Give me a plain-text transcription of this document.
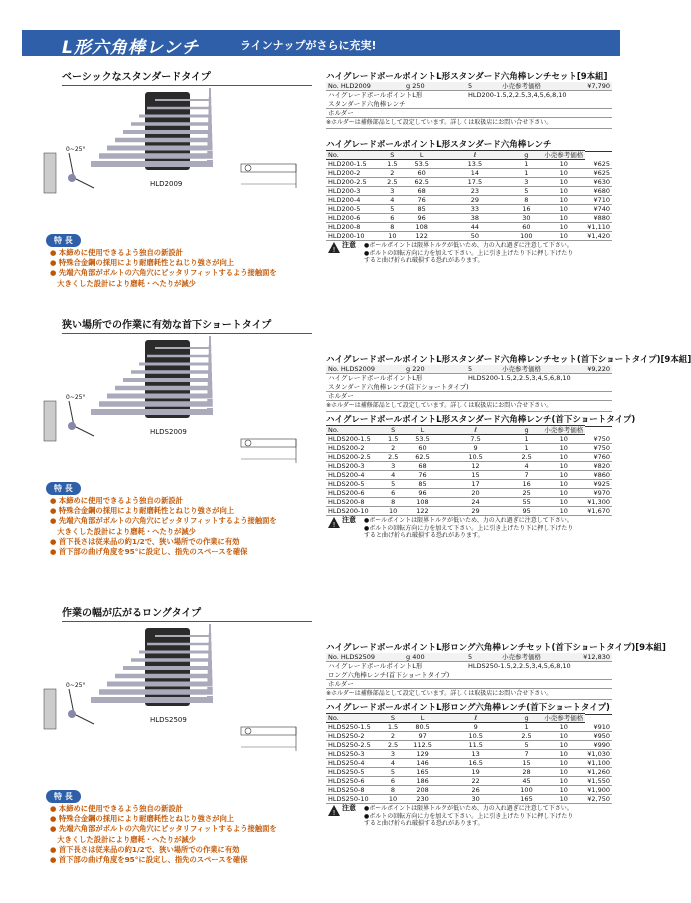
L形六角棒レンチ	ラインナップがさらに充実!
ベーシックなスタンダードタイプ
HLD2009
0~25°
特 長
● 本締めに使用できるよう独自の新設計
● 特殊合金鋼の採用により耐磨耗性とねじり強さが向上
● 先端六角部がボルトの六角穴にピッタリフィットするよう接触面を
　大きくした設計により磨耗・へたりが減少
ハイグレードボールポイントL形スタンダード六角棒レンチセット[9本組]
No. HLD2009	g 250	5	小売参考価格	¥7,790
ハイグレードボールポイントL形
スタンダード六角棒レンチ
HLD200-1.5,2,2.5,3,4,5,6,8,10
ホルダー
※ホルダーは補修部品として設定しています。詳しくは取扱店にお問い合せ下さい。
ハイグレードボールポイントL形スタンダード六角棒レンチ
No.	S	L	ℓ	g	小売参考価格	
HLD200-1.5	1.5	53.5	13.5	1	10	¥625
HLD200-2	2	60	14	1	10	¥625
HLD200-2.5	2.5	62.5	17.5	3	10	¥630
HLD200-3	3	68	23	5	10	¥680
HLD200-4	4	76	29	8	10	¥710
HLD200-5	5	85	33	16	10	¥740
HLD200-6	6	96	38	30	10	¥880
HLD200-8	8	108	44	60	10	¥1,110
HLD200-10	10	122	50	100	10	¥1,420
!
注意 ●ボールポイントは限界トルクが低いため、力の入れ過ぎに注意して下さい。
●ボルトの回転方向に力を加えて下さい。上に引き上げたり下に押し下げたり
すると曲げ折られ破損する恐れがあります。
狭い場所での作業に有効な首下ショートタイプ
HLDS2009
0~25°
特 長
● 本締めに使用できるよう独自の新設計
● 特殊合金鋼の採用により耐磨耗性とねじり強さが向上
● 先端六角部がボルトの六角穴にピッタリフィットするよう接触面を
　大きくした設計により磨耗・へたりが減少
● 首下長さは従来品の約1/2で、狭い場所での作業に有効
● 首下部の曲げ角度を95°に設定し、指先のスペースを確保
ハイグレードボールポイントL形スタンダード六角棒レンチセット(首下ショートタイプ)[9本組]
No. HLDS2009	g 220	5	小売参考価格	¥9,220
ハイグレードボールポイントL形
スタンダード六角棒レンチ(首下ショートタイプ)
HLDS200-1.5,2,2.5,3,4,5,6,8,10
ホルダー
※ホルダーは補修部品として設定しています。詳しくは取扱店にお問い合せ下さい。
ハイグレードボールポイントL形スタンダード六角棒レンチ(首下ショートタイプ)
No.	S	L	ℓ	g	小売参考価格	
HLDS200-1.5	1.5	53.5	7.5	1	10	¥750
HLDS200-2	2	60	9	1	10	¥750
HLDS200-2.5	2.5	62.5	10.5	2.5	10	¥760
HLDS200-3	3	68	12	4	10	¥820
HLDS200-4	4	76	15	7	10	¥860
HLDS200-5	5	85	17	16	10	¥925
HLDS200-6	6	96	20	25	10	¥970
HLDS200-8	8	108	24	55	10	¥1,300
HLDS200-10	10	122	29	95	10	¥1,670
!
注意 ●ボールポイントは限界トルクが低いため、力の入れ過ぎに注意して下さい。
●ボルトの回転方向に力を加えて下さい。上に引き上げたり下に押し下げたり
すると曲げ折られ破損する恐れがあります。
作業の幅が広がるロングタイプ
HLDS2509
0~25°
特 長
● 本締めに使用できるよう独自の新設計
● 特殊合金鋼の採用により耐磨耗性とねじり強さが向上
● 先端六角部がボルトの六角穴にピッタリフィットするよう接触面を
　大きくした設計により磨耗・へたりが減少
● 首下長さは従来品の約1/2で、狭い場所での作業に有効
● 首下部の曲げ角度を95°に設定し、指先のスペースを確保
ハイグレードボールポイントL形ロング六角棒レンチセット(首下ショートタイプ)[9本組]
No. HLDS2509	g 400	5	小売参考価格	¥12,830
ハイグレードボールポイントL形
ロング六角棒レンチ(首下ショートタイプ)
HLDS250-1.5,2,2.5,3,4,5,6,8,10
ホルダー
※ホルダーは補修部品として設定しています。詳しくは取扱店にお問い合せ下さい。
ハイグレードボールポイントL形ロング六角棒レンチ(首下ショートタイプ)
No.	S	L	ℓ	g	小売参考価格	
HLDS250-1.5	1.5	80.5	9	1	10	¥910
HLDS250-2	2	97	10.5	2.5	10	¥950
HLDS250-2.5	2.5	112.5	11.5	5	10	¥990
HLDS250-3	3	129	13	7	10	¥1,030
HLDS250-4	4	146	16.5	15	10	¥1,100
HLDS250-5	5	165	19	28	10	¥1,260
HLDS250-6	6	186	22	45	10	¥1,550
HLDS250-8	8	208	26	100	10	¥1,900
HLDS250-10	10	230	30	165	10	¥2,750
!
注意 ●ボールポイントは限界トルクが低いため、力の入れ過ぎに注意して下さい。
●ボルトの回転方向に力を加えて下さい。上に引き上げたり下に押し下げたり
すると曲げ折られ破損する恐れがあります。
